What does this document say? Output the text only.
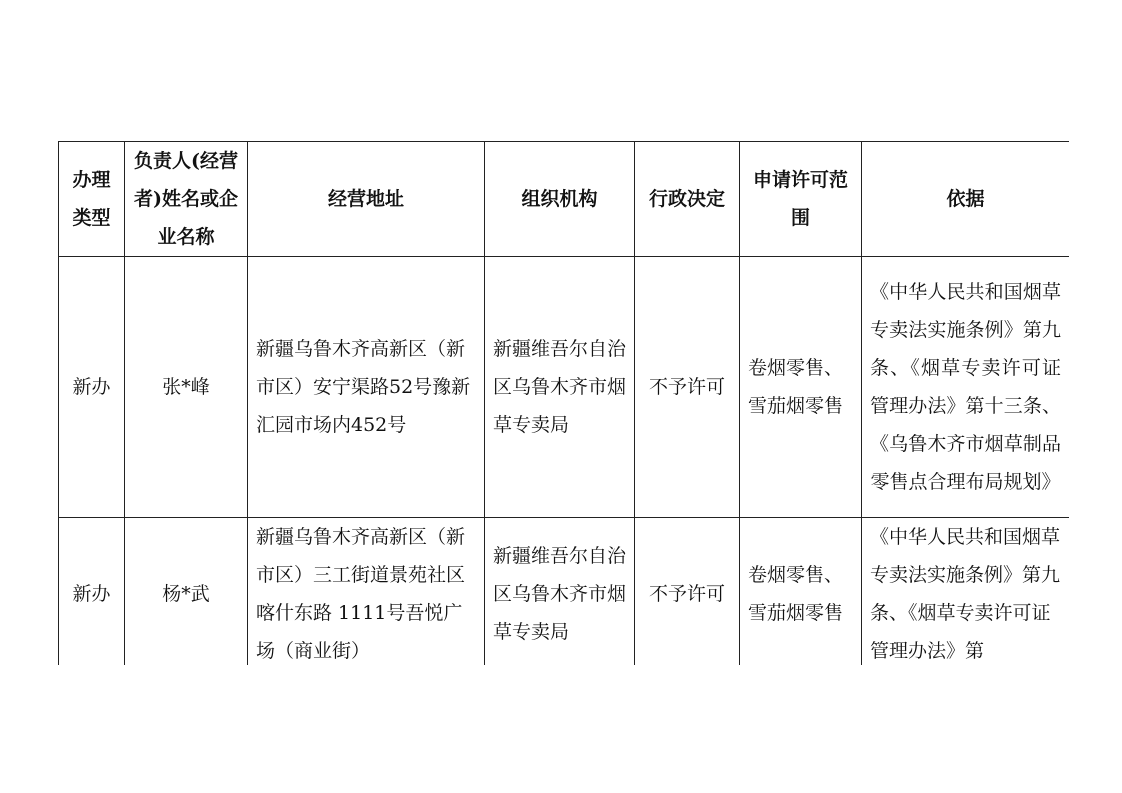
办理类型	负责人(经营者)姓名或企业名称	经营地址	组织机构	行政决定	申请许可范围	依据
新办	张*峰	新疆乌鲁木齐高新区（新市区）安宁渠路52号豫新汇园市场内452号	新疆维吾尔自治区乌鲁木齐市烟草专卖局	不予许可	卷烟零售、雪茄烟零售	《中华人民共和国烟草专卖法实施条例》第九条、《烟草专卖许可证管理办法》第十三条、《乌鲁木齐市烟草制品零售点合理布局规划》
新办	杨*武	新疆乌鲁木齐高新区（新市区）三工街道景苑社区喀什东路 1111号吾悦广场（商业街）	新疆维吾尔自治区乌鲁木齐市烟草专卖局	不予许可	卷烟零售、雪茄烟零售	《中华人民共和国烟草专卖法实施条例》第九条、《烟草专卖许可证管理办法》第
